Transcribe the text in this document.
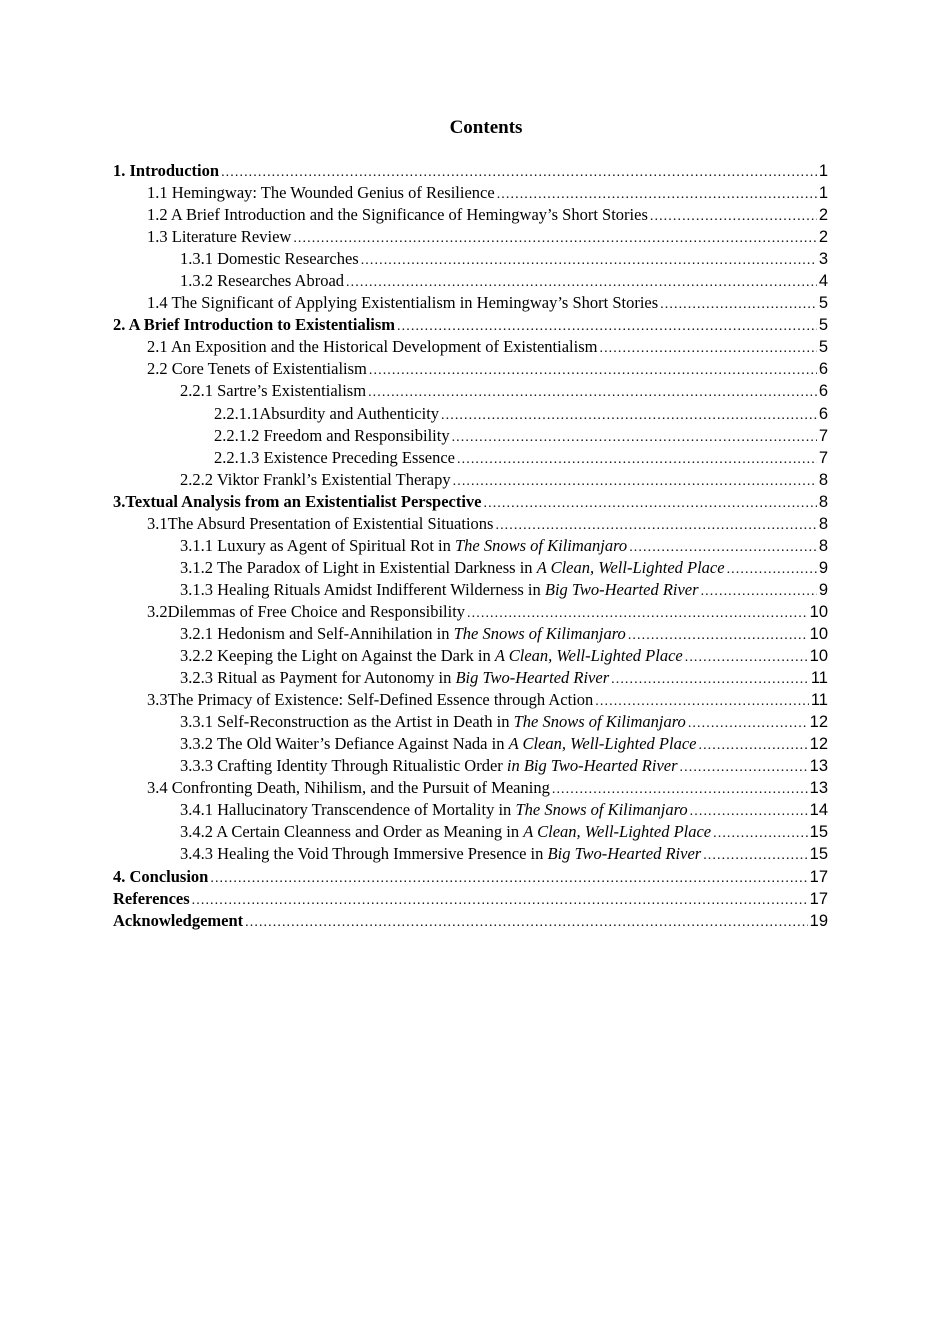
Contents
1. Introduction . . .	1
1.1 Hemingway: The Wounded Genius of Resilience . . .	1
1.2 A Brief Introduction and the Significance of Hemingway’s Short Stories . . .	2
1.3 Literature Review . . .	2
1.3.1 Domestic Researches . . .	3
1.3.2 Researches Abroad . . .	4
1.4 The Significant of Applying Existentialism in Hemingway’s Short Stories . . .	5
2. A Brief Introduction to Existentialism . . .	5
2.1 An Exposition and the Historical Development of Existentialism . . .	5
2.2 Core Tenets of Existentialism . . .	6
2.2.1 Sartre’s Existentialism . . .	6
2.2.1.1Absurdity and Authenticity . . .	6
2.2.1.2 Freedom and Responsibility . . .	7
2.2.1.3 Existence Preceding Essence . . .	7
2.2.2 Viktor Frankl’s Existential Therapy . . .	8
3.Textual Analysis from an Existentialist Perspective . . .	8
3.1The Absurd Presentation of Existential Situations . . .	8
3.1.1 Luxury as Agent of Spiritual Rot in The Snows of Kilimanjaro . . .	8
3.1.2 The Paradox of Light in Existential Darkness in A Clean, Well-Lighted Place . . .	9
3.1.3 Healing Rituals Amidst Indifferent Wilderness in Big Two-Hearted River . . .	9
3.2Dilemmas of Free Choice and Responsibility . . .	10
3.2.1 Hedonism and Self-Annihilation in The Snows of Kilimanjaro . . .	10
3.2.2 Keeping the Light on Against the Dark in A Clean, Well-Lighted Place . . .	10
3.2.3 Ritual as Payment for Autonomy in Big Two-Hearted River . . .	11
3.3The Primacy of Existence: Self-Defined Essence through Action . . .	11
3.3.1 Self-Reconstruction as the Artist in Death in The Snows of Kilimanjaro . . .	12
3.3.2 The Old Waiter’s Defiance Against Nada in A Clean, Well-Lighted Place . . .	12
3.3.3 Crafting Identity Through Ritualistic Order in Big Two-Hearted River . . .	13
3.4 Confronting Death, Nihilism, and the Pursuit of Meaning . . .	13
3.4.1 Hallucinatory Transcendence of Mortality in The Snows of Kilimanjaro . . .	14
3.4.2 A Certain Cleanness and Order as Meaning in A Clean, Well-Lighted Place . . .	15
3.4.3 Healing the Void Through Immersive Presence in Big Two-Hearted River . . .	15
4. Conclusion . . .	17
References . . .	17
Acknowledgement . . .	19
